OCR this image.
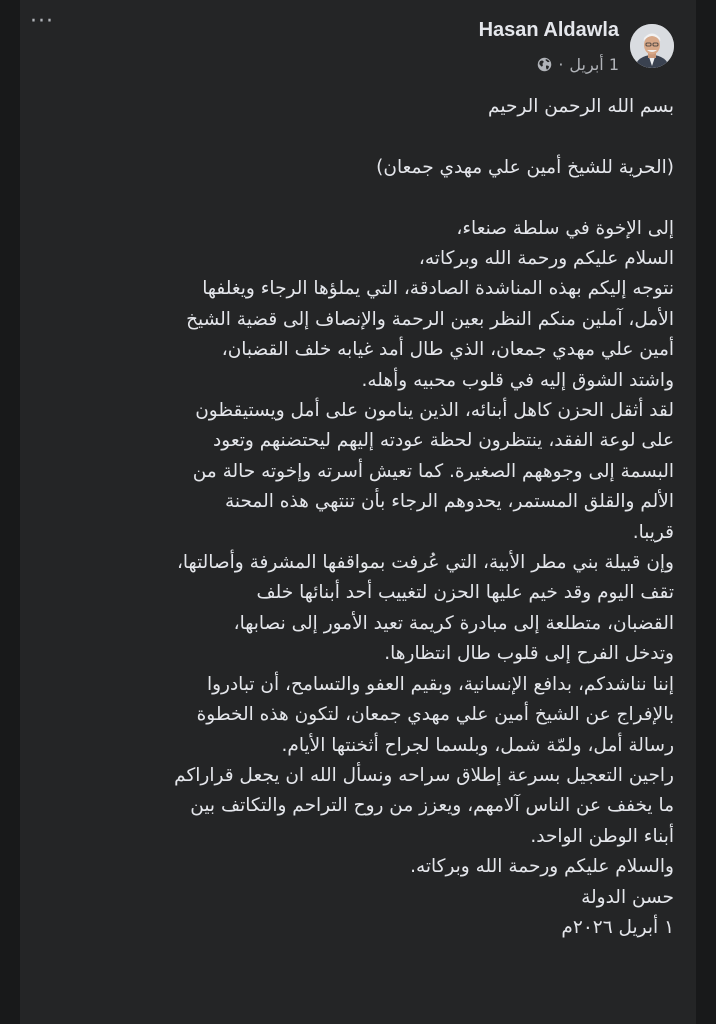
···	Hasan Aldawla
1 أبريل
·

بسم الله الرحمن الرحيم

(الحرية للشيخ أمين علي مهدي جمعان)

إلى الإخوة في سلطة صنعاء،

السلام عليكم ورحمة الله وبركاته،

نتوجه إليكم بهذه المناشدة الصادقة، التي يملؤها الرجاء ويغلفها

الأمل، آملين منكم النظر بعين الرحمة والإنصاف إلى قضية الشيخ

أمين علي مهدي جمعان، الذي طال أمد غيابه خلف القضبان،

واشتد الشوق إليه في قلوب محبيه وأهله.

لقد أثقل الحزن كاهل أبنائه، الذين ينامون على أمل ويستيقظون

على لوعة الفقد، ينتظرون لحظة عودته إليهم ليحتضنهم وتعود

البسمة إلى وجوههم الصغيرة. كما تعيش أسرته وإخوته حالة من

الألم والقلق المستمر، يحدوهم الرجاء بأن تنتهي هذه المحنة

قريبا.

وإن قبيلة بني مطر الأبية، التي عُرفت بمواقفها المشرفة وأصالتها،

تقف اليوم وقد خيم عليها الحزن لتغييب أحد أبنائها خلف

القضبان، متطلعة إلى مبادرة كريمة تعيد الأمور إلى نصابها،

وتدخل الفرح إلى قلوب طال انتظارها.

إننا نناشدكم، بدافع الإنسانية، وبقيم العفو والتسامح، أن تبادروا

بالإفراج عن الشيخ أمين علي مهدي جمعان، لتكون هذه الخطوة

رسالة أمل، ولمّة شمل، وبلسما لجراح أثخنتها الأيام.

راجين التعجيل بسرعة إطلاق سراحه ونسأل الله ان يجعل قراراكم

ما يخفف عن الناس آلامهم، ويعزز من روح التراحم والتكاتف بين

أبناء الوطن الواحد.

والسلام عليكم ورحمة الله وبركاته.

حسن الدولة

١ أبريل ٢٠٢٦م
